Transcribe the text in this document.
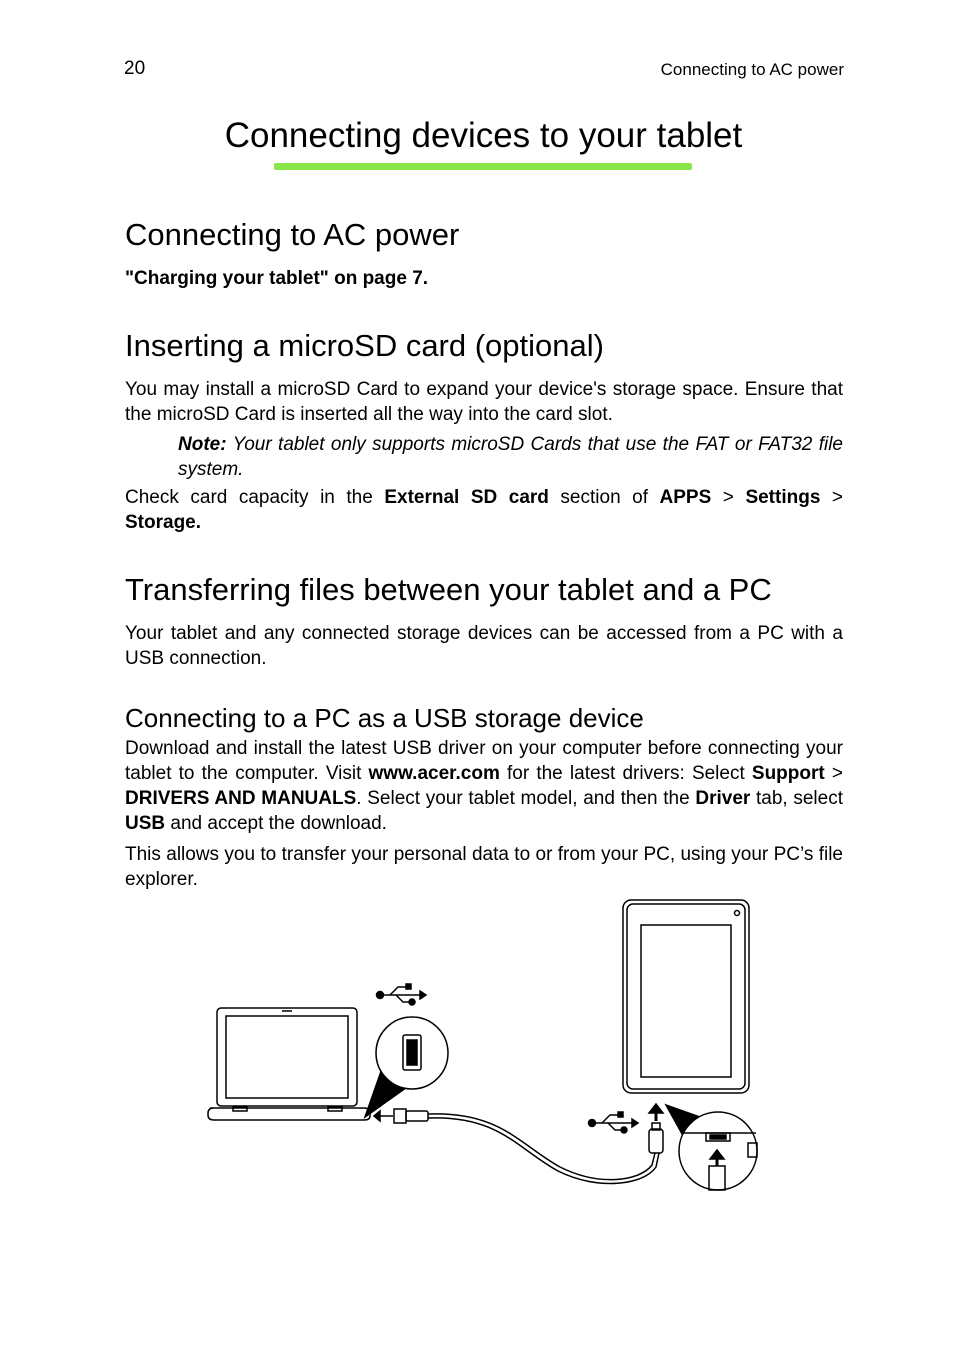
20	Connecting to AC power
Connecting devices to your tablet
Connecting to AC power
"Charging your tablet" on page 7.
Inserting a microSD card (optional)
You may install a microSD Card to expand your device's storage space. Ensure that the microSD Card is inserted all the way into the card slot.
Note: Your tablet only supports microSD Cards that use the FAT or FAT32 file system.
Check card capacity in the External SD card section of APPS > Settings > Storage.
Transferring files between your tablet and a PC
Your tablet and any connected storage devices can be accessed from a PC with a USB connection.
Connecting to a PC as a USB storage device
Download and install the latest USB driver on your computer before connecting your tablet to the computer. Visit www.acer.com for the latest drivers: Select Support > DRIVERS AND MANUALS. Select your tablet model, and then the Driver tab, select USB and accept the download.
This allows you to transfer your personal data to or from your PC, using your PC’s file explorer.
